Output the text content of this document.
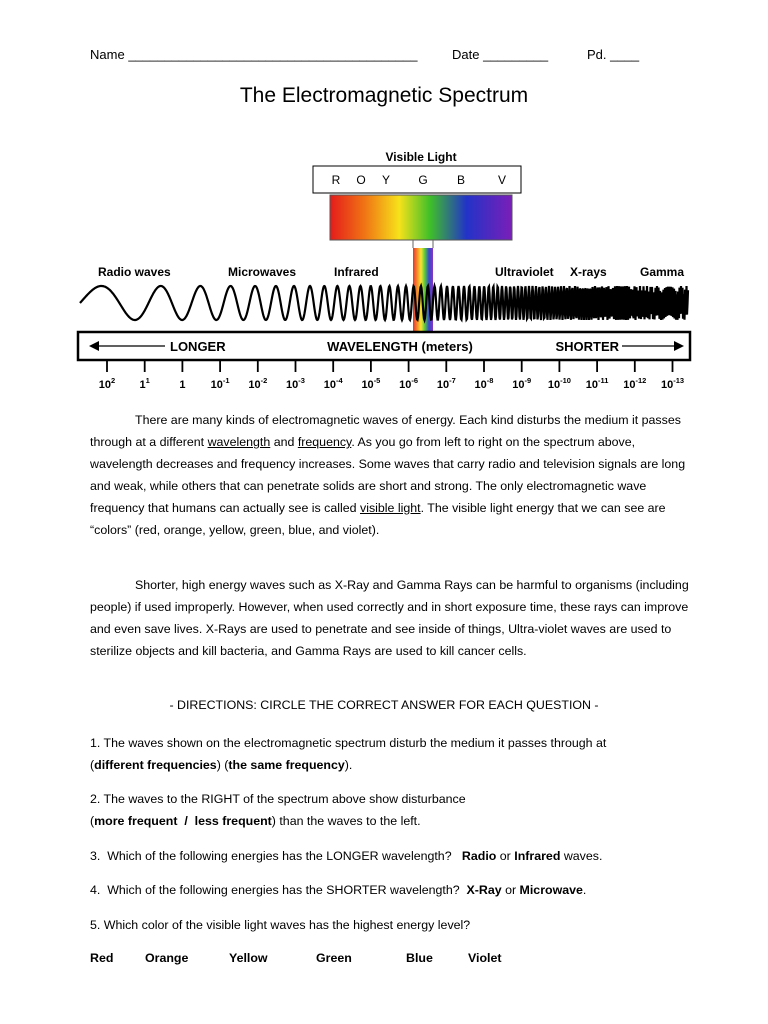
Name ________________________________________	Date _________	Pd. ____
The Electromagnetic Spectrum
Visible Light
R O Y G B	V
Radio waves	Microwaves	Infrared	Ultraviolet X-rays	Gamma
LONGER	WAVELENGTH (meters)	SHORTER
$10^2$ $1^1$	1 $10^{-1}$ $10^{-2}$ $10^{-3}$ $10^{-4}$ $10^{-5}$ $10^{-6}$ $10^{-7}$ $10^{-8}$ $10^{-9}$ $10^{-10}$ $10^{-11}$ $10^{-12}$ $10^{-13}$

There are many kinds of electromagnetic waves of energy. Each kind disturbs the medium it passes through at a different wavelength and frequency. As you go from left to right on the spectrum above, wavelength decreases and frequency increases. Some waves that carry radio and television signals are long and weak, while others that can penetrate solids are short and strong. The only electromagnetic wave frequency that humans can actually see is called visible light. The visible light energy that we can see are “colors” (red, orange, yellow, green, blue, and violet).

Shorter, high energy waves such as X-Ray and Gamma Rays can be harmful to organisms (including people) if used improperly. However, when used correctly and in short exposure time, these rays can improve and even save lives. X-Rays are used to penetrate and see inside of things, Ultra-violet waves are used to sterilize objects and kill bacteria, and Gamma Rays are used to kill cancer cells.

- DIRECTIONS: CIRCLE THE CORRECT ANSWER FOR EACH QUESTION -

1. The waves shown on the electromagnetic spectrum disturb the medium it passes through at
(different frequencies) (the same frequency).

2. The waves to the RIGHT of the spectrum above show disturbance
(more frequent  /  less frequent) than the waves to the left.

3.  Which of the following energies has the LONGER wavelength?   Radio or Infrared waves.

4.  Which of the following energies has the SHORTER wavelength?  X-Ray or Microwave.

5. Which color of the visible light waves has the highest energy level?

Red	Orange	Yellow	Green	Blue	Violet
